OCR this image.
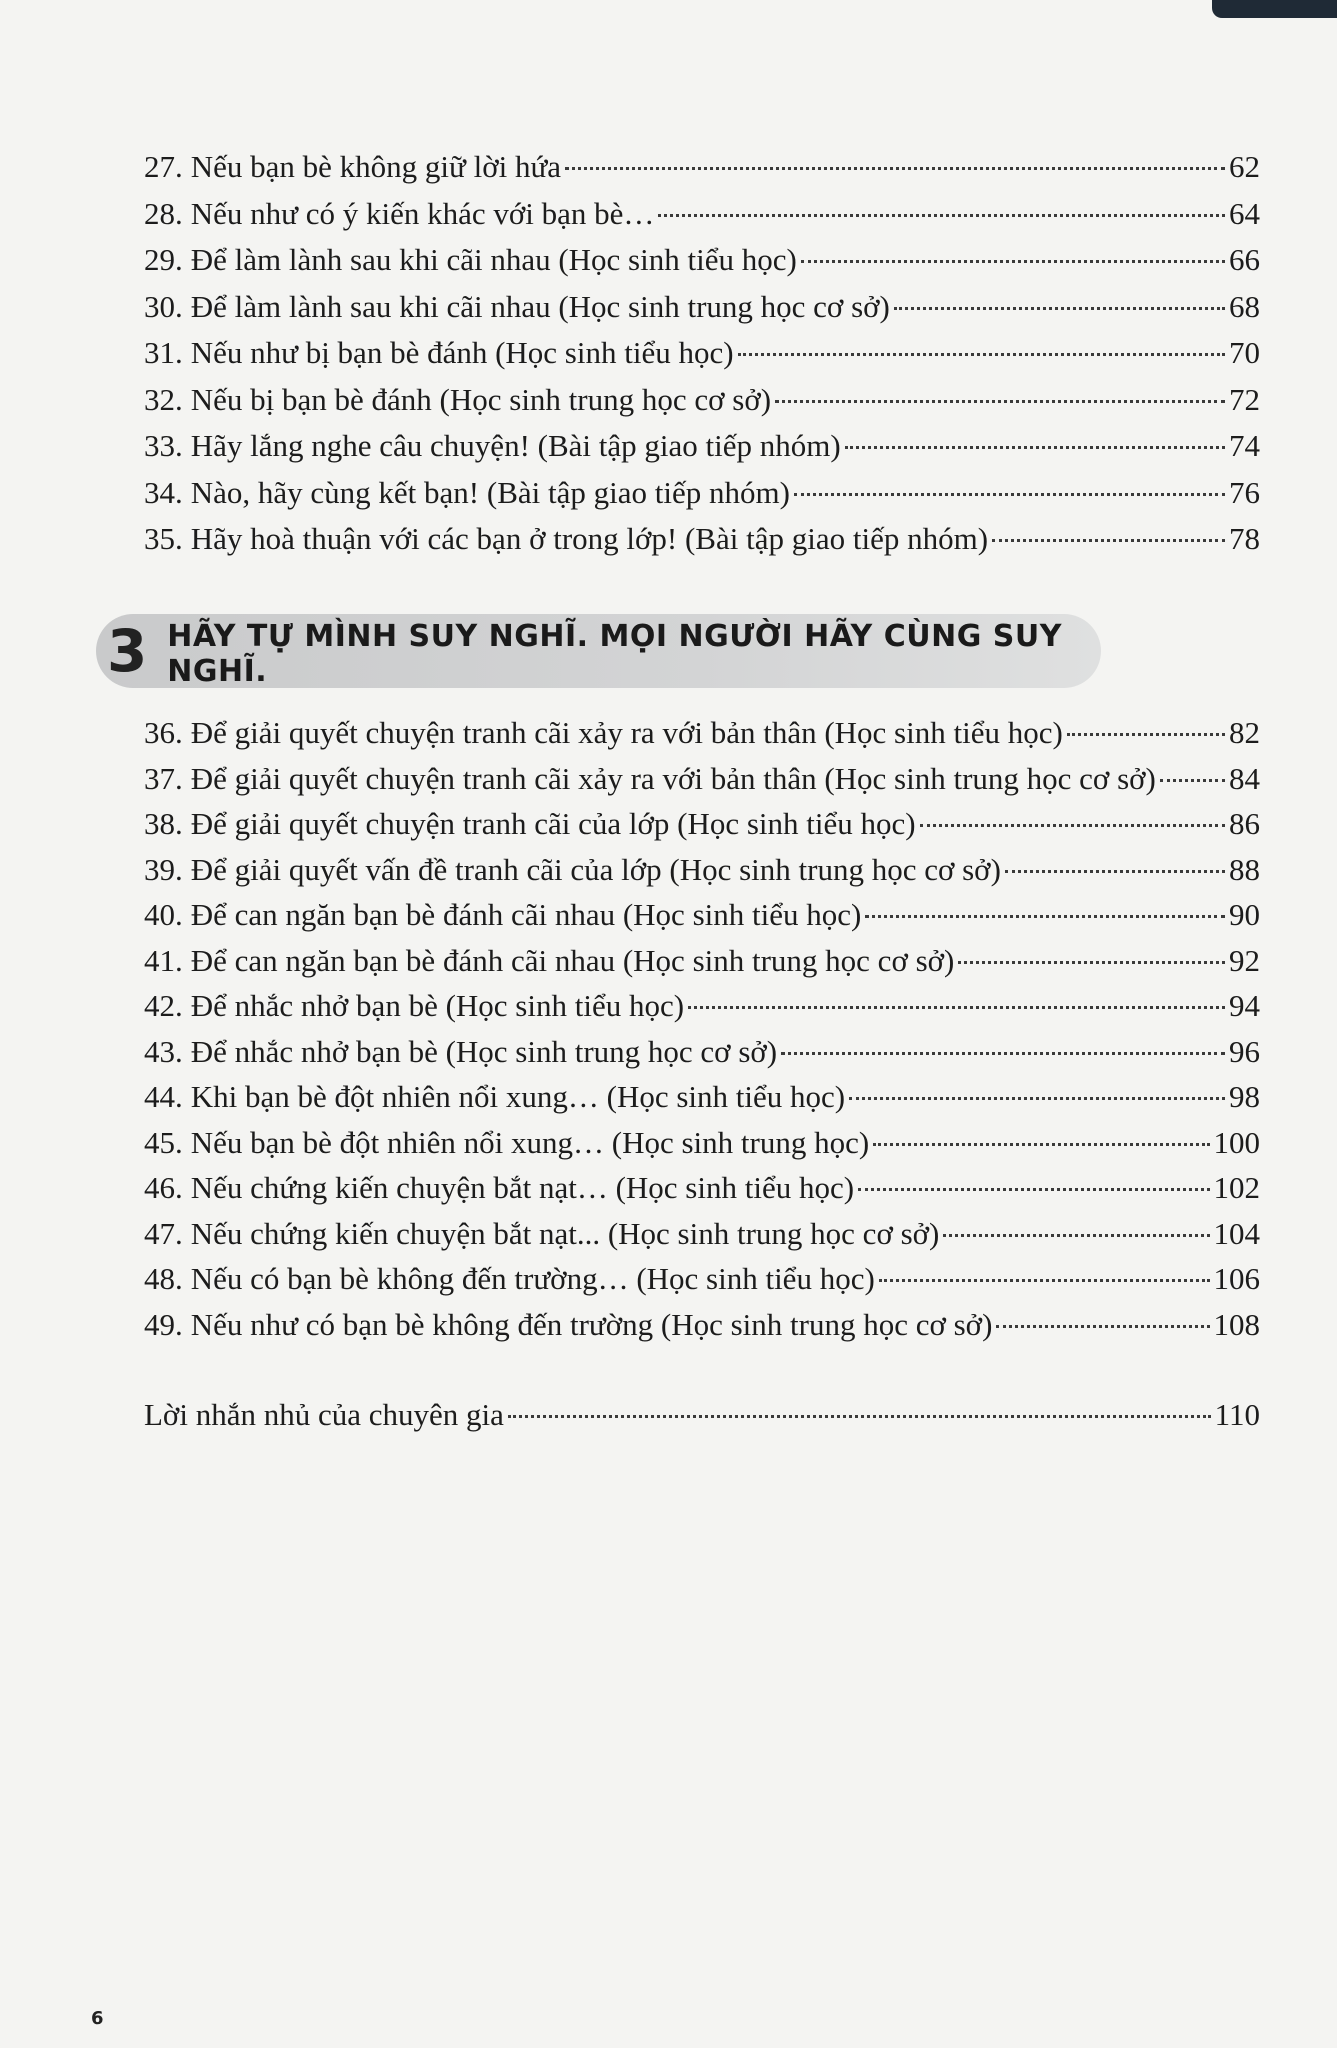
27. Nếu bạn bè không giữ lời hứa	62
28. Nếu như có ý kiến khác với bạn bè…	64
29. Để làm lành sau khi cãi nhau (Học sinh tiểu học)	66
30. Để làm lành sau khi cãi nhau (Học sinh trung học cơ sở)	68
31. Nếu như bị bạn bè đánh (Học sinh tiểu học)	70
32. Nếu bị bạn bè đánh (Học sinh trung học cơ sở)	72
33. Hãy lắng nghe câu chuyện! (Bài tập giao tiếp nhóm)	74
34. Nào, hãy cùng kết bạn! (Bài tập giao tiếp nhóm)	76
35. Hãy hoà thuận với các bạn ở trong lớp! (Bài tập giao tiếp nhóm)	78
3 HÃY TỰ MÌNH SUY NGHĨ. MỌI NGƯỜI HÃY CÙNG SUY NGHĨ.
36. Để giải quyết chuyện tranh cãi xảy ra với bản thân (Học sinh tiểu học)	82
37. Để giải quyết chuyện tranh cãi xảy ra với bản thân (Học sinh trung học cơ sở) 84
38. Để giải quyết chuyện tranh cãi của lớp (Học sinh tiểu học)	86
39. Để giải quyết vấn đề tranh cãi của lớp (Học sinh trung học cơ sở)	88
40. Để can ngăn bạn bè đánh cãi nhau (Học sinh tiểu học)	90
41. Để can ngăn bạn bè đánh cãi nhau (Học sinh trung học cơ sở)	92
42. Để nhắc nhở bạn bè (Học sinh tiểu học)	94
43. Để nhắc nhở bạn bè (Học sinh trung học cơ sở)	96
44. Khi bạn bè đột nhiên nổi xung… (Học sinh tiểu học)	98
45. Nếu bạn bè đột nhiên nổi xung… (Học sinh trung học)	100
46. Nếu chứng kiến chuyện bắt nạt… (Học sinh tiểu học)	102
47. Nếu chứng kiến chuyện bắt nạt... (Học sinh trung học cơ sở)	104
48. Nếu có bạn bè không đến trường… (Học sinh tiểu học)	106
49. Nếu như có bạn bè không đến trường (Học sinh trung học cơ sở)	108
Lời nhắn nhủ của chuyên gia	110
6
